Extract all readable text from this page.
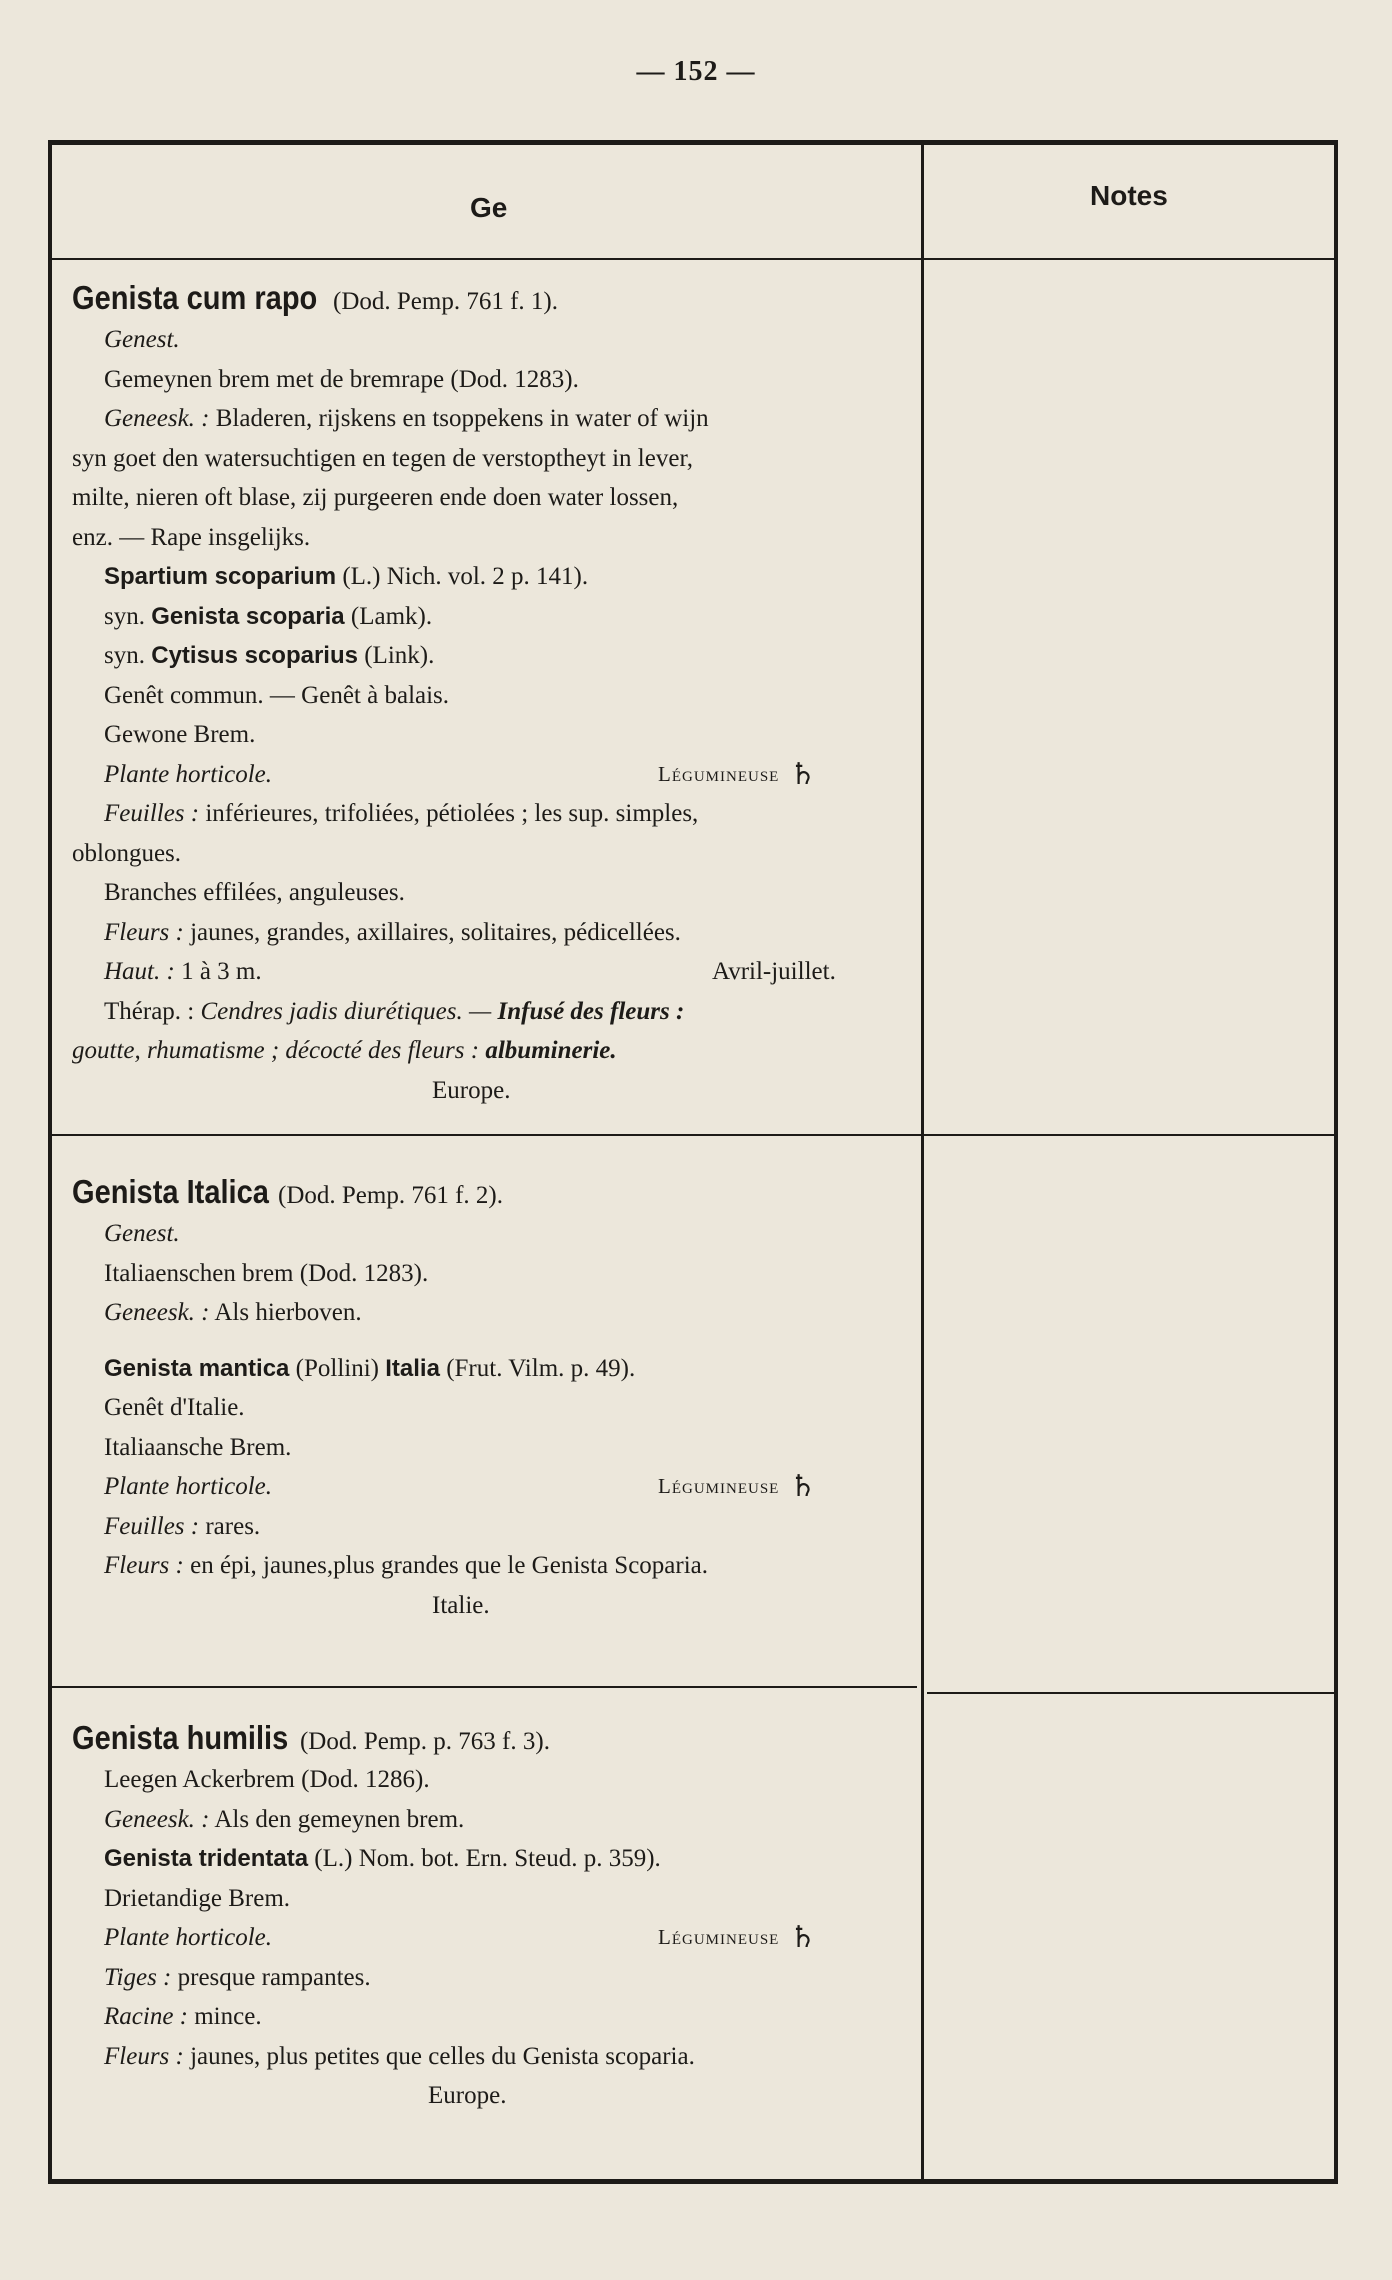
— 152 —
Ge	Notes
Genista cum rapo (Dod. Pemp. 761 f. 1).
Genest.
Gemeynen brem met de bremrape (Dod. 1283).
Geneesk. : Bladeren, rijskens en tsoppekens in water of wijn
syn goet den watersuchtigen en tegen de verstoptheyt in lever,
milte, nieren oft blase, zij purgeeren ende doen water lossen,
enz. — Rape insgelijks.
Spartium scoparium (L.) Nich. vol. 2 p. 141).
syn. Genista scoparia (Lamk).
syn. Cytisus scoparius (Link).
Genêt commun. — Genêt à balais.
Gewone Brem.
Plante horticole.	Légumineuse ♄
Feuilles : inférieures, trifoliées, pétiolées ; les sup. simples,
oblongues.
Branches effilées, anguleuses.
Fleurs : jaunes, grandes, axillaires, solitaires, pédicellées.
Haut. : 1 à 3 m.	Avril-juillet.
Thérap. : Cendres jadis diurétiques. — Infusé des fleurs :
goutte, rhumatisme ; décocté des fleurs : albuminerie.
Europe.
Genista Italica (Dod. Pemp. 761 f. 2).
Genest.
Italiaenschen brem (Dod. 1283).
Geneesk. : Als hierboven.
Genista mantica (Pollini) Italia (Frut. Vilm. p. 49).
Genêt d'Italie.
Italiaansche Brem.
Plante horticole.	Légumineuse ♄
Feuilles : rares.
Fleurs : en épi, jaunes,plus grandes que le Genista Scoparia.
Italie.
Genista humilis (Dod. Pemp. p. 763 f. 3).
Leegen Ackerbrem (Dod. 1286).
Geneesk. : Als den gemeynen brem.
Genista tridentata (L.) Nom. bot. Ern. Steud. p. 359).
Drietandige Brem.
Plante horticole.	Légumineuse ♄
Tiges : presque rampantes.
Racine : mince.
Fleurs : jaunes, plus petites que celles du Genista scoparia.
Europe.
